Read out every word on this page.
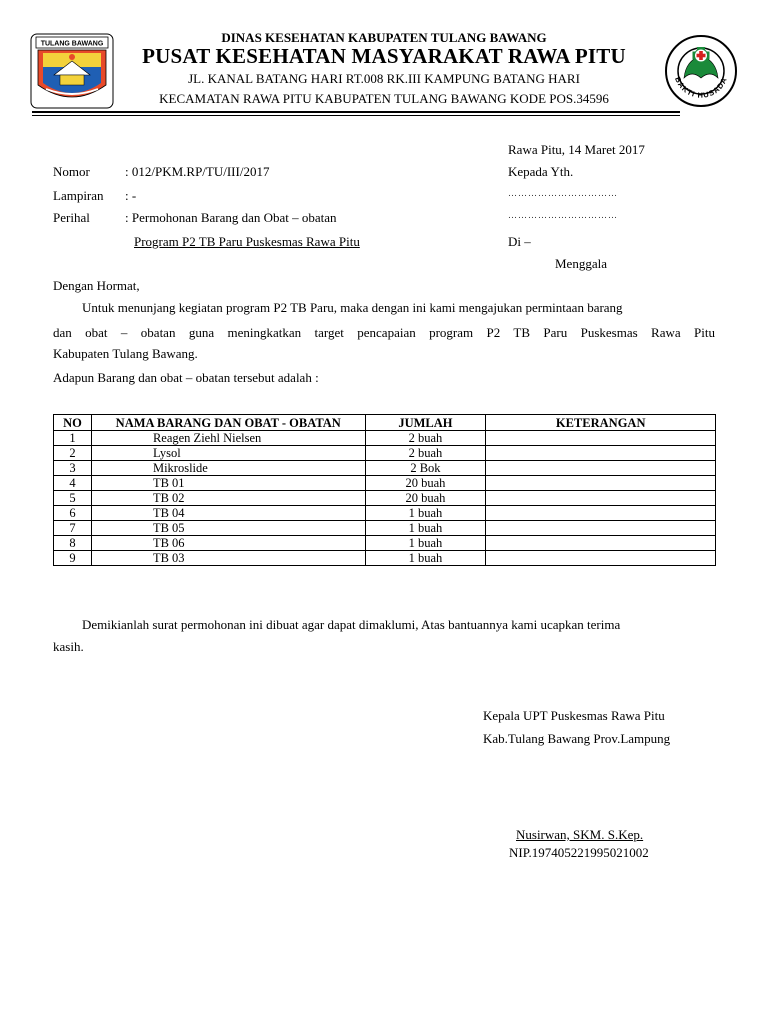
TULANG BAWANG
BAKTI HUSADA
DINAS KESEHATAN KABUPATEN TULANG BAWANG
PUSAT KESEHATAN MASYARAKAT RAWA PITU
JL. KANAL BATANG HARI RT.008 RK.III KAMPUNG BATANG HARI
KECAMATAN RAWA PITU KABUPATEN TULANG BAWANG KODE POS.34596
Rawa Pitu, 14 Maret 2017
Nomor	: 012/PKM.RP/TU/III/2017	Kepada Yth.
Lampiran : -	……………………………
Perihal	: Permohonan Barang dan Obat – obatan	……………………………
Program P2 TB Paru Puskesmas Rawa Pitu	Di –
Menggala
Dengan Hormat,
Untuk menunjang kegiatan program P2 TB Paru, maka dengan ini kami mengajukan permintaan barang
dan obat – obatan guna meningkatkan target pencapaian program P2 TB Paru Puskesmas Rawa Pitu
Kabupaten Tulang Bawang.
Adapun Barang dan obat – obatan tersebut adalah :
NO	NAMA BARANG DAN OBAT - OBATAN	JUMLAH	KETERANGAN
1	Reagen Ziehl Nielsen	2 buah	
2	Lysol	2 buah	
3	Mikroslide	2 Bok	
4	TB 01	20 buah	
5	TB 02	20 buah	
6	TB 04	1 buah	
7	TB 05	1 buah	
8	TB 06	1 buah	
9	TB 03	1 buah	
Demikianlah surat permohonan ini dibuat agar dapat dimaklumi, Atas bantuannya kami ucapkan terima
kasih.
Kepala UPT Puskesmas Rawa Pitu
Kab.Tulang Bawang Prov.Lampung
Nusirwan, SKM. S.Kep.
NIP.197405221995021002
